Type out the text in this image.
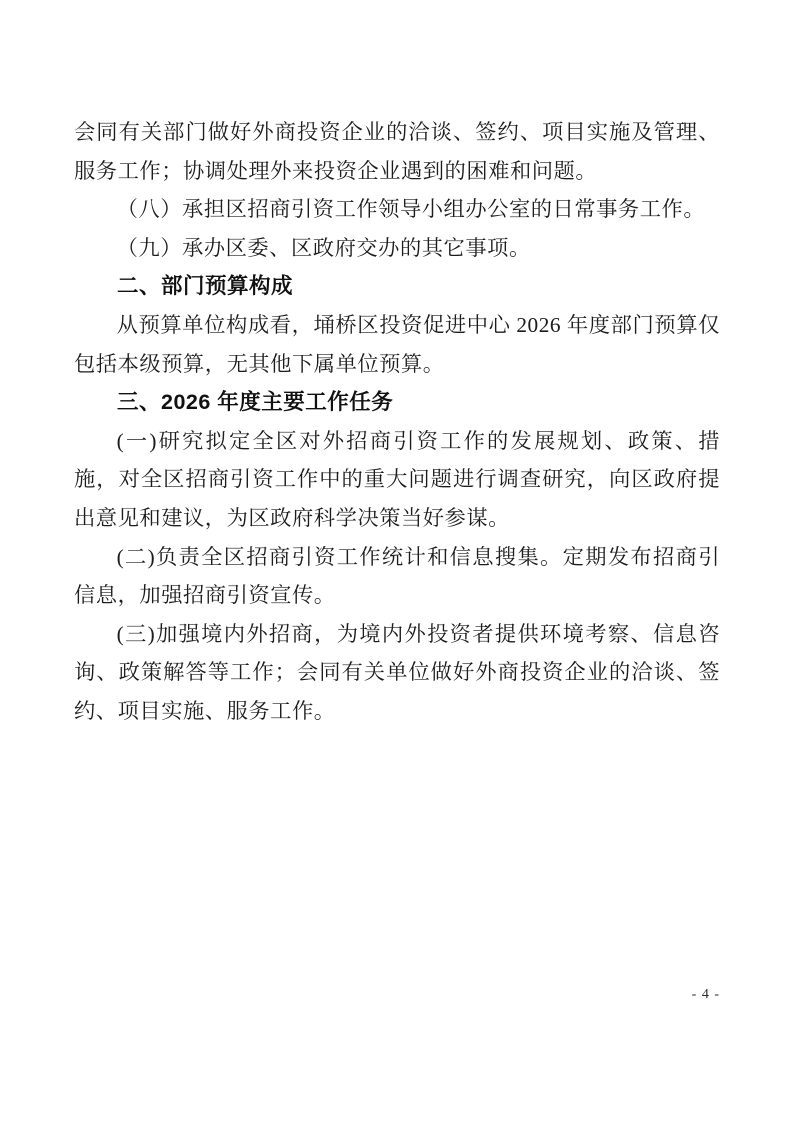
会同有关部门做好外商投资企业的洽谈、签约、项目实施及管理、服务工作；协调处理外来投资企业遇到的困难和问题。

（八）承担区招商引资工作领导小组办公室的日常事务工作。

（九）承办区委、区政府交办的其它事项。

二、部门预算构成

从预算单位构成看，埇桥区投资促进中心 2026 年度部门预算仅包括本级预算，无其他下属单位预算。

三、2026 年度主要工作任务

(一)研究拟定全区对外招商引资工作的发展规划、政策、措施，对全区招商引资工作中的重大问题进行调查研究，向区政府提出意见和建议，为区政府科学决策当好参谋。

(二)负责全区招商引资工作统计和信息搜集。定期发布招商引信息，加强招商引资宣传。

(三)加强境内外招商，为境内外投资者提供环境考察、信息咨询、政策解答等工作；会同有关单位做好外商投资企业的洽谈、签约、项目实施、服务工作。

- 4 -
